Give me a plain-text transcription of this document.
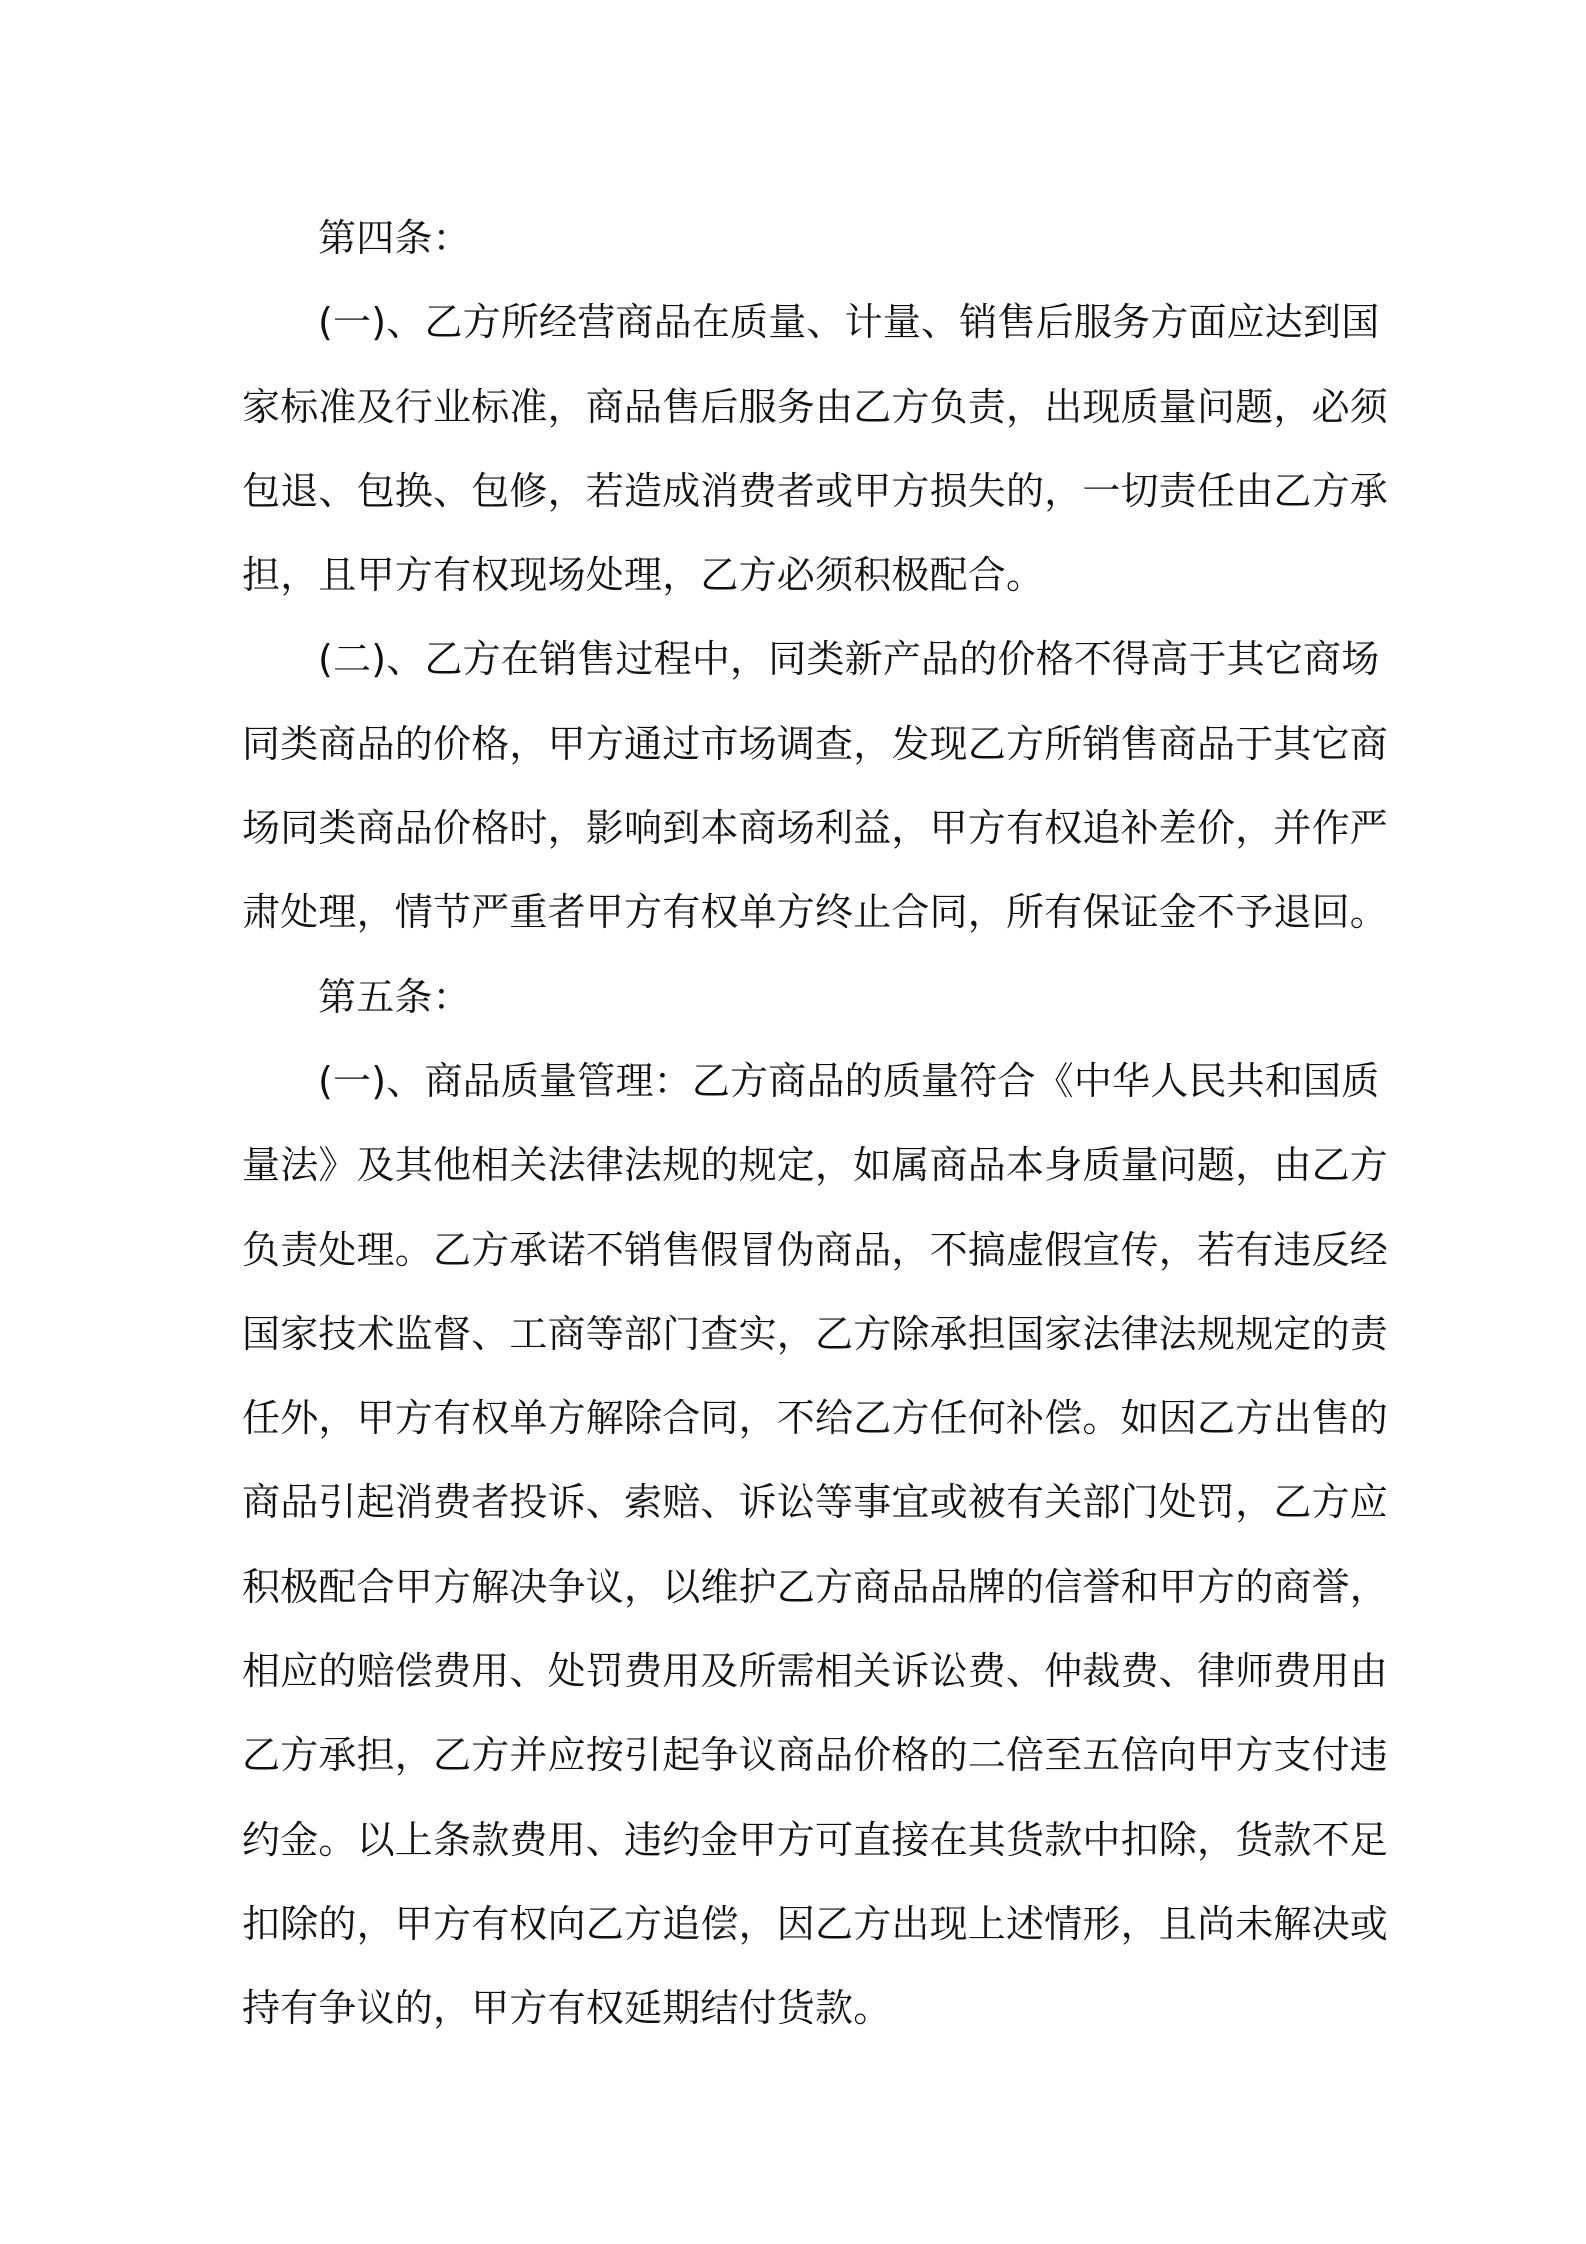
第四条：
(一)、乙方所经营商品在质量、计量、销售后服务方面应达到国
家标准及行业标准，商品售后服务由乙方负责，出现质量问题，必须
包退、包换、包修，若造成消费者或甲方损失的，一切责任由乙方承
担，且甲方有权现场处理，乙方必须积极配合。
(二)、乙方在销售过程中，同类新产品的价格不得高于其它商场
同类商品的价格，甲方通过市场调查，发现乙方所销售商品于其它商
场同类商品价格时，影响到本商场利益，甲方有权追补差价，并作严
肃处理，情节严重者甲方有权单方终止合同，所有保证金不予退回。
第五条：
(一)、商品质量管理：乙方商品的质量符合《中华人民共和国质
量法》及其他相关法律法规的规定，如属商品本身质量问题，由乙方
负责处理。乙方承诺不销售假冒伪商品，不搞虚假宣传，若有违反经
国家技术监督、工商等部门查实，乙方除承担国家法律法规规定的责
任外，甲方有权单方解除合同，不给乙方任何补偿。如因乙方出售的
商品引起消费者投诉、索赔、诉讼等事宜或被有关部门处罚，乙方应
积极配合甲方解决争议，以维护乙方商品品牌的信誉和甲方的商誉，
相应的赔偿费用、处罚费用及所需相关诉讼费、仲裁费、律师费用由
乙方承担，乙方并应按引起争议商品价格的二倍至五倍向甲方支付违
约金。以上条款费用、违约金甲方可直接在其货款中扣除，货款不足
扣除的，甲方有权向乙方追偿，因乙方出现上述情形，且尚未解决或
持有争议的，甲方有权延期结付货款。
